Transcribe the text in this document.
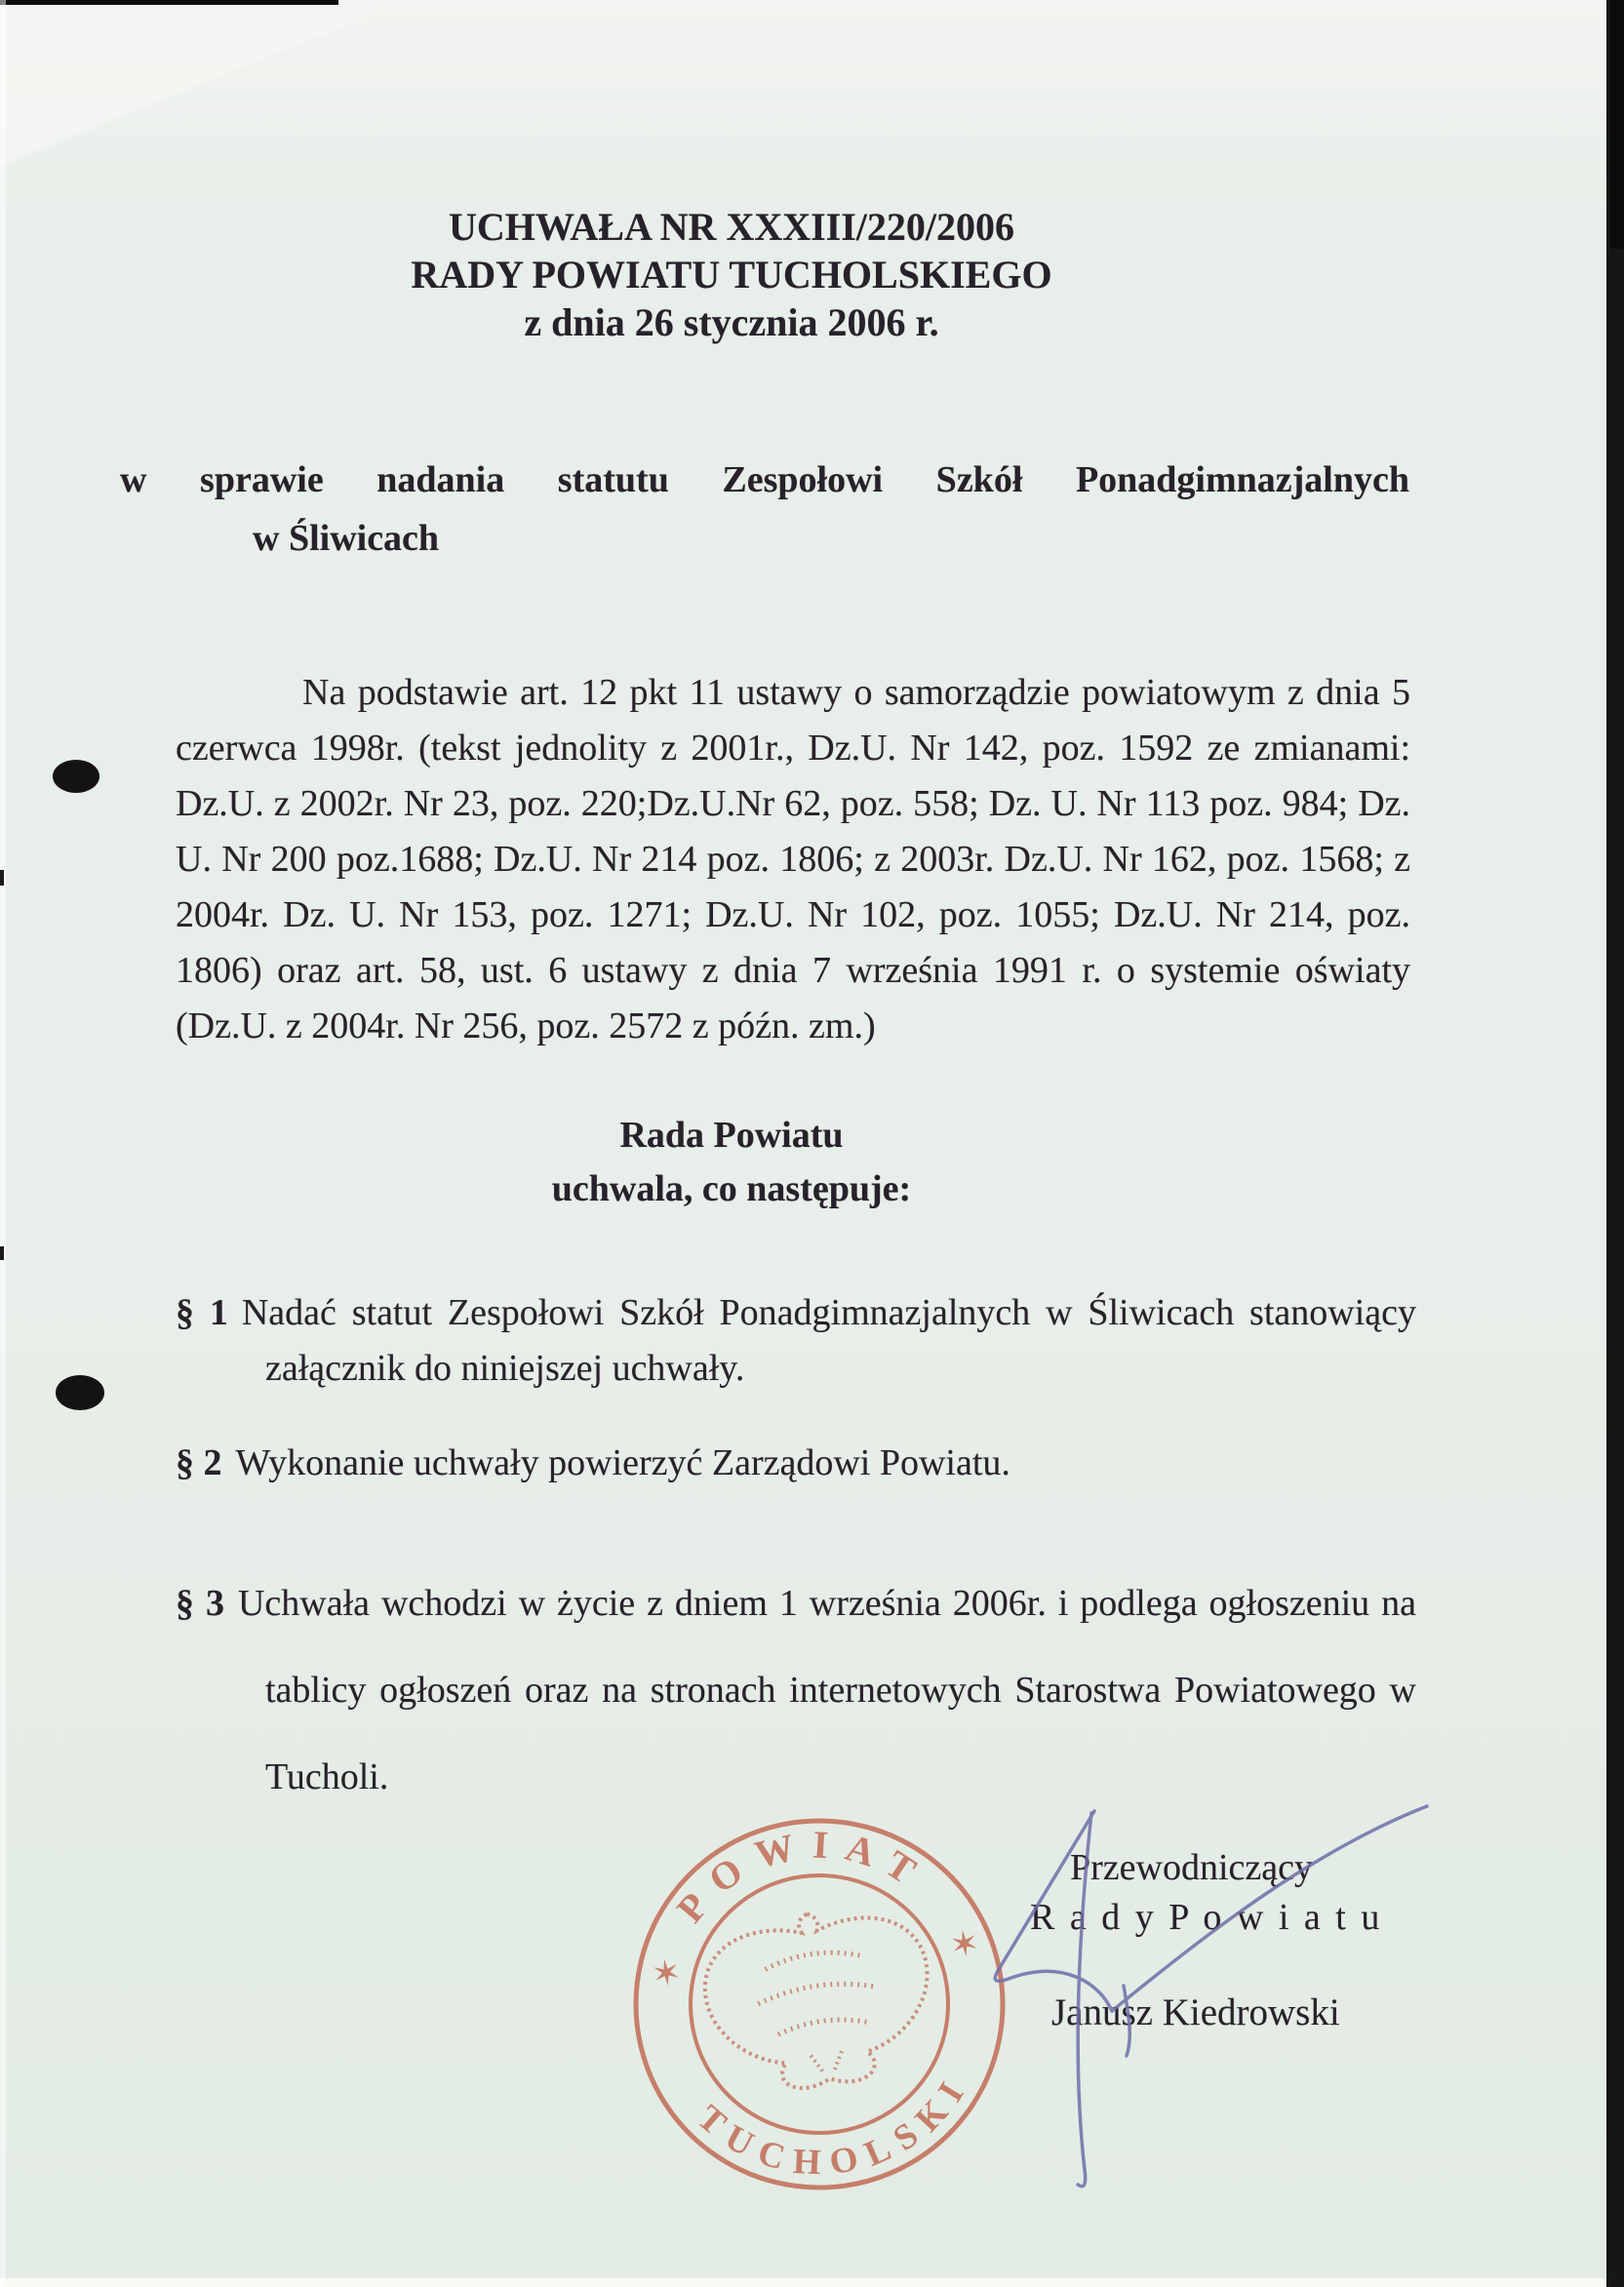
UCHWAŁA NR XXXIII/220/2006
RADY POWIATU TUCHOLSKIEGO
z dnia 26 stycznia 2006 r.
w sprawie nadania statutu Zespołowi Szkół Ponadgimnazjalnych
w Śliwicach
Na podstawie art. 12 pkt 11 ustawy o samorządzie powiatowym z dnia 5 czerwca 1998r. (tekst jednolity z 2001r., Dz.U. Nr 142, poz. 1592 ze zmianami: Dz.U. z 2002r. Nr 23, poz. 220;Dz.U.Nr 62, poz. 558; Dz. U. Nr 113 poz. 984; Dz. U. Nr 200 poz.1688; Dz.U. Nr 214 poz. 1806; z 2003r. Dz.U. Nr 162, poz. 1568; z 2004r. Dz. U. Nr 153, poz. 1271; Dz.U. Nr 102, poz. 1055; Dz.U. Nr 214, poz. 1806) oraz art. 58, ust. 6 ustawy z dnia 7 września 1991 r. o systemie oświaty (Dz.U. z 2004r. Nr 256, poz. 2572 z późn. zm.)
Rada Powiatu
uchwala, co następuje:
§ 1 Nadać statut Zespołowi Szkół Ponadgimnazjalnych w Śliwicach stanowiący załącznik do niniejszej uchwały.
§ 2 Wykonanie uchwały powierzyć Zarządowi Powiatu.
§ 3 Uchwała wchodzi w życie z dniem 1 września 2006r. i podlega ogłoszeniu na tablicy ogłoszeń oraz na stronach internetowych Starostwa Powiatowego w Tucholi.
POWIAT
TUCHOLSKI
✶
✶
Przewodniczący
R a d y P o w i a t u
Janusz Kiedrowski
